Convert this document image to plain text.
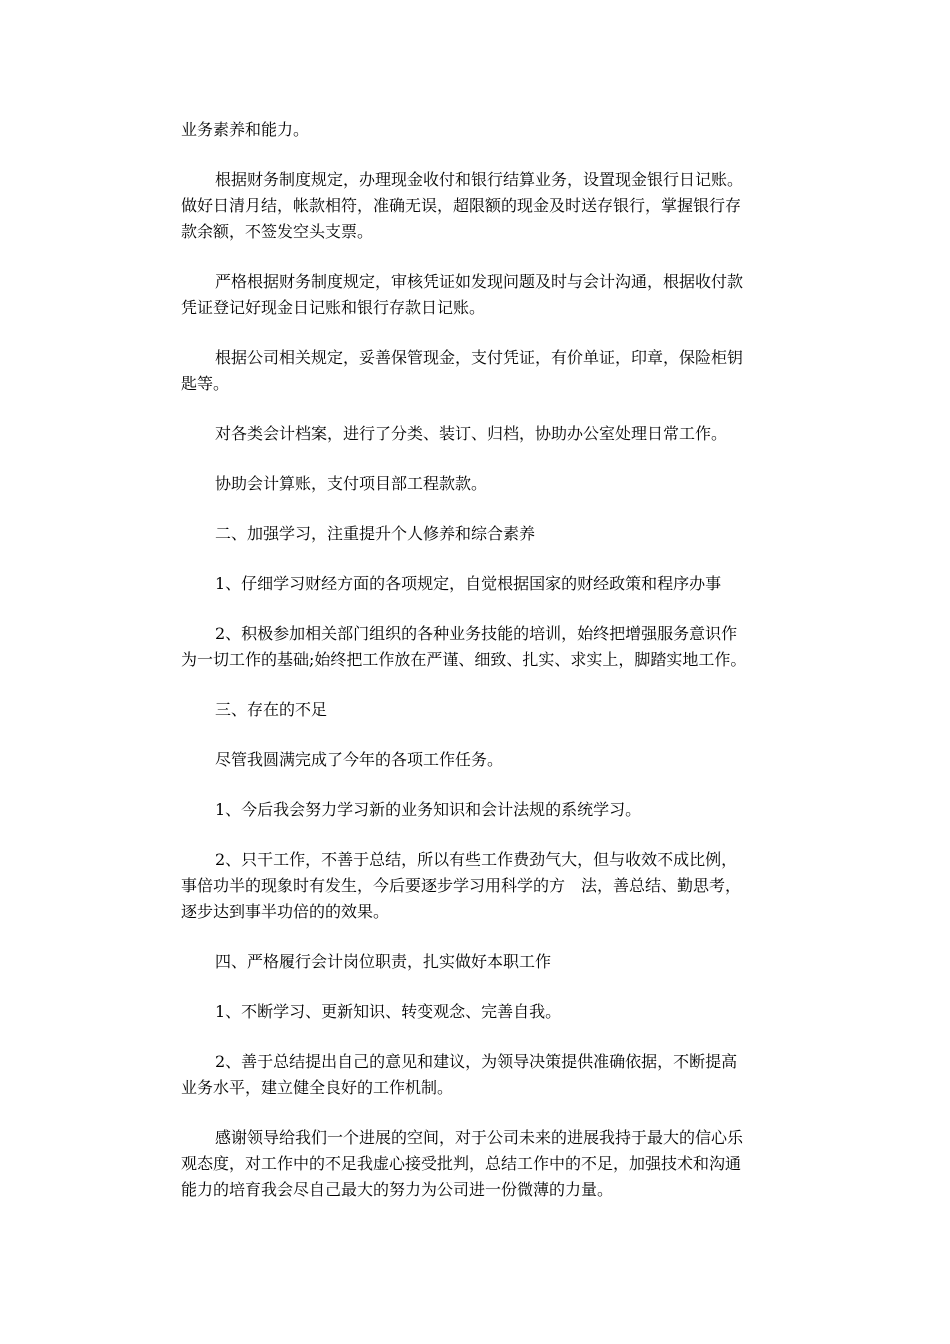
业务素养和能力。
根据财务制度规定，办理现金收付和银行结算业务，设置现金银行日记账。
做好日清月结，帐款相符，准确无误，超限额的现金及时送存银行，掌握银行存
款余额，不签发空头支票。
严格根据财务制度规定，审核凭证如发现问题及时与会计沟通，根据收付款
凭证登记好现金日记账和银行存款日记账。
根据公司相关规定，妥善保管现金，支付凭证，有价单证，印章，保险柜钥
匙等。
对各类会计档案，进行了分类、装订、归档，协助办公室处理日常工作。
协助会计算账，支付项目部工程款款。
二、加强学习，注重提升个人修养和综合素养
1、仔细学习财经方面的各项规定，自觉根据国家的财经政策和程序办事
2、积极参加相关部门组织的各种业务技能的培训，始终把增强服务意识作
为一切工作的基础;始终把工作放在严谨、细致、扎实、求实上，脚踏实地工作。
三、存在的不足
尽管我圆满完成了今年的各项工作任务。
1、今后我会努力学习新的业务知识和会计法规的系统学习。
2、只干工作，不善于总结，所以有些工作费劲气大，但与收效不成比例，
事倍功半的现象时有发生，今后要逐步学习用科学的方　法，善总结、勤思考，
逐步达到事半功倍的的效果。
四、严格履行会计岗位职责，扎实做好本职工作
1、不断学习、更新知识、转变观念、完善自我。
2、善于总结提出自己的意见和建议，为领导决策提供准确依据，不断提高
业务水平，建立健全良好的工作机制。
感谢领导给我们一个进展的空间，对于公司未来的进展我持于最大的信心乐
观态度，对工作中的不足我虚心接受批判，总结工作中的不足，加强技术和沟通
能力的培育我会尽自己最大的努力为公司进一份微薄的力量。
